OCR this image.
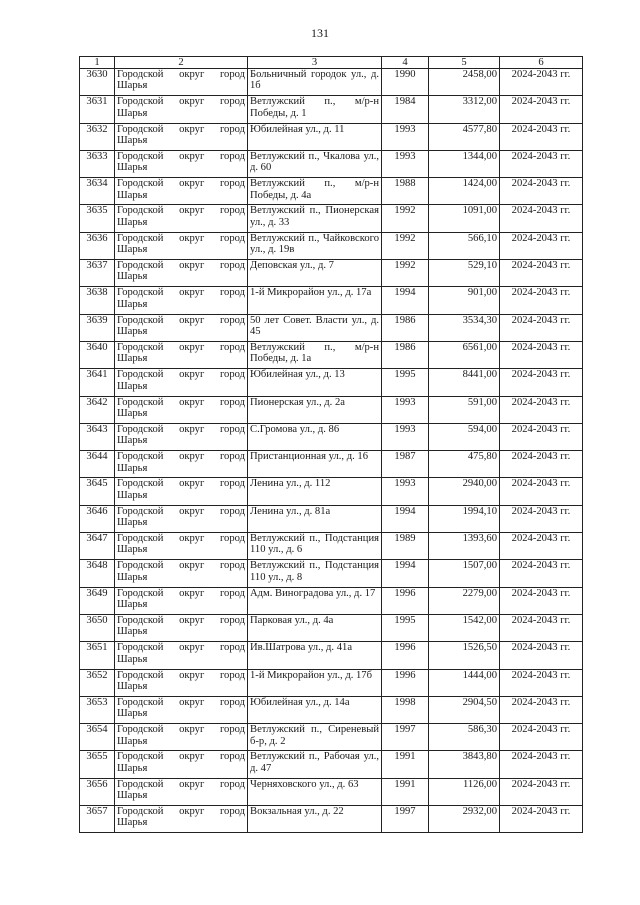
131
1	2	3	4	5	6
3630	Городской округ город Шарья	Больничный городок ул., д. 1б	1990	2458,00	2024-2043 гг.
3631	Городской округ город Шарья	Ветлужский п., м/р-н Победы, д. 1	1984	3312,00	2024-2043 гг.
3632	Городской округ город Шарья	Юбилейная ул., д. 11	1993	4577,80	2024-2043 гг.
3633	Городской округ город Шарья	Ветлужский п., Чкалова ул., д. 60	1993	1344,00	2024-2043 гг.
3634	Городской округ город Шарья	Ветлужский п., м/р-н Победы, д. 4а	1988	1424,00	2024-2043 гг.
3635	Городской округ город Шарья	Ветлужский п., Пионерская ул., д. 33	1992	1091,00	2024-2043 гг.
3636	Городской округ город Шарья	Ветлужский п., Чайковского ул., д. 19в	1992	566,10	2024-2043 гг.
3637	Городской округ город Шарья	Деповская ул., д. 7	1992	529,10	2024-2043 гг.
3638	Городской округ город Шарья	1-й Микрорайон ул., д. 17а	1994	901,00	2024-2043 гг.
3639	Городской округ город Шарья	50 лет Совет. Власти ул., д. 45	1986	3534,30	2024-2043 гг.
3640	Городской округ город Шарья	Ветлужский п., м/р-н Победы, д. 1а	1986	6561,00	2024-2043 гг.
3641	Городской округ город Шарья	Юбилейная ул., д. 13	1995	8441,00	2024-2043 гг.
3642	Городской округ город Шарья	Пионерская ул., д. 2а	1993	591,00	2024-2043 гг.
3643	Городской округ город Шарья	С.Громова ул., д. 86	1993	594,00	2024-2043 гг.
3644	Городской округ город Шарья	Пристанционная ул., д. 16	1987	475,80	2024-2043 гг.
3645	Городской округ город Шарья	Ленина ул., д. 112	1993	2940,00	2024-2043 гг.
3646	Городской округ город Шарья	Ленина ул., д. 81а	1994	1994,10	2024-2043 гг.
3647	Городской округ город Шарья	Ветлужский п., Подстанция 110 ул., д. 6	1989	1393,60	2024-2043 гг.
3648	Городской округ город Шарья	Ветлужский п., Подстанция 110 ул., д. 8	1994	1507,00	2024-2043 гг.
3649	Городской округ город Шарья	Адм. Виноградова ул., д. 17	1996	2279,00	2024-2043 гг.
3650	Городской округ город Шарья	Парковая ул., д. 4а	1995	1542,00	2024-2043 гг.
3651	Городской округ город Шарья	Ив.Шатрова ул., д. 41а	1996	1526,50	2024-2043 гг.
3652	Городской округ город Шарья	1-й Микрорайон ул., д. 17б	1996	1444,00	2024-2043 гг.
3653	Городской округ город Шарья	Юбилейная ул., д. 14а	1998	2904,50	2024-2043 гг.
3654	Городской округ город Шарья	Ветлужский п., Сиреневый б-р, д. 2	1997	586,30	2024-2043 гг.
3655	Городской округ город Шарья	Ветлужский п., Рабочая ул., д. 47	1991	3843,80	2024-2043 гг.
3656	Городской округ город Шарья	Черняховского ул., д. 63	1991	1126,00	2024-2043 гг.
3657	Городской округ город Шарья	Вокзальная ул., д. 22	1997	2932,00	2024-2043 гг.
